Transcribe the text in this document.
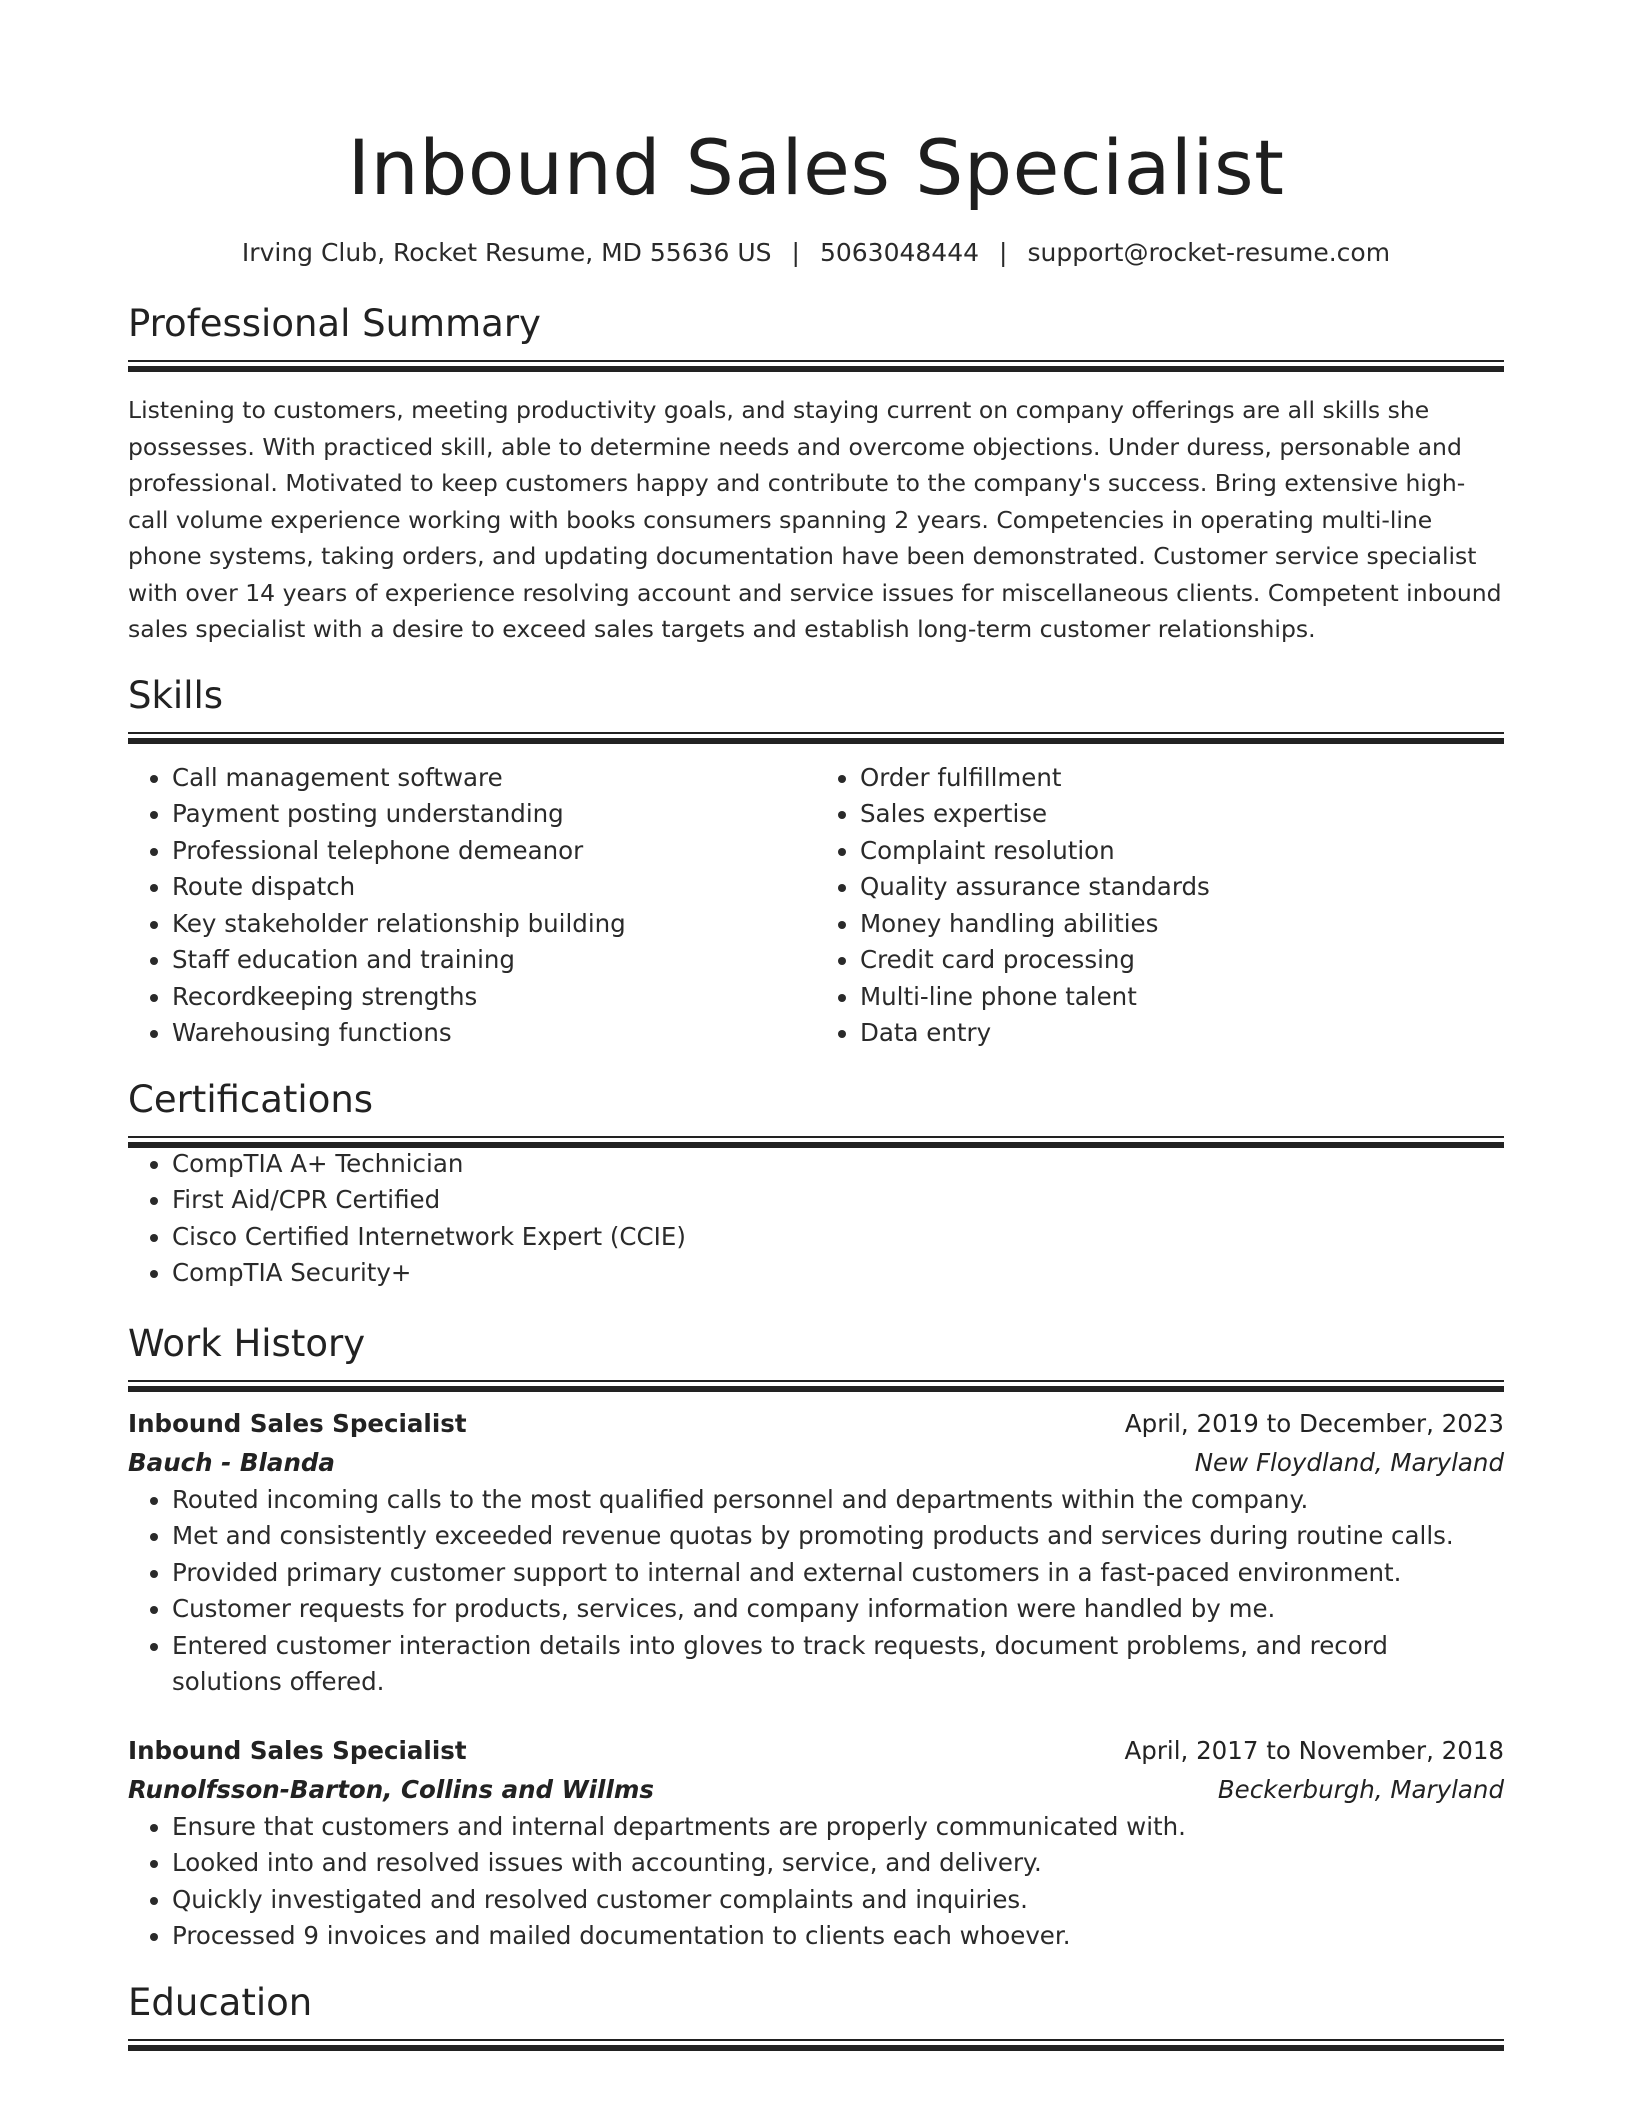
Inbound Sales Specialist
Irving Club, Rocket Resume, MD 55636 US | 5063048444 | support@rocket-resume.com
Professional Summary
Listening to customers, meeting productivity goals, and staying current on company offerings are all skills she possesses. With practiced skill, able to determine needs and overcome objections. Under duress, personable and professional. Motivated to keep customers happy and contribute to the company's success. Bring extensive high-call volume experience working with books consumers spanning 2 years. Competencies in operating multi-line phone systems, taking orders, and updating documentation have been demonstrated. Customer service specialist with over 14 years of experience resolving account and service issues for miscellaneous clients. Competent inbound sales specialist with a desire to exceed sales targets and establish long-term customer relationships.
Skills
• Call management software
• Payment posting understanding
• Professional telephone demeanor
• Route dispatch
• Key stakeholder relationship building
• Staff education and training
• Recordkeeping strengths
• Warehousing functions
• Order fulfillment
• Sales expertise
• Complaint resolution
• Quality assurance standards
• Money handling abilities
• Credit card processing
• Multi-line phone talent
• Data entry
Certifications
• CompTIA A+ Technician
• First Aid/CPR Certified
• Cisco Certified Internetwork Expert (CCIE)
• CompTIA Security+
Work History
Inbound Sales Specialist	April, 2019 to December, 2023
Bauch - Blanda	New Floydland, Maryland
• Routed incoming calls to the most qualified personnel and departments within the company.
• Met and consistently exceeded revenue quotas by promoting products and services during routine calls.
• Provided primary customer support to internal and external customers in a fast-paced environment.
• Customer requests for products, services, and company information were handled by me.
• Entered customer interaction details into gloves to track requests, document problems, and record solutions offered.
Inbound Sales Specialist	April, 2017 to November, 2018
Runolfsson-Barton, Collins and Willms	Beckerburgh, Maryland
• Ensure that customers and internal departments are properly communicated with.
• Looked into and resolved issues with accounting, service, and delivery.
• Quickly investigated and resolved customer complaints and inquiries.
• Processed 9 invoices and mailed documentation to clients each whoever.
Education
